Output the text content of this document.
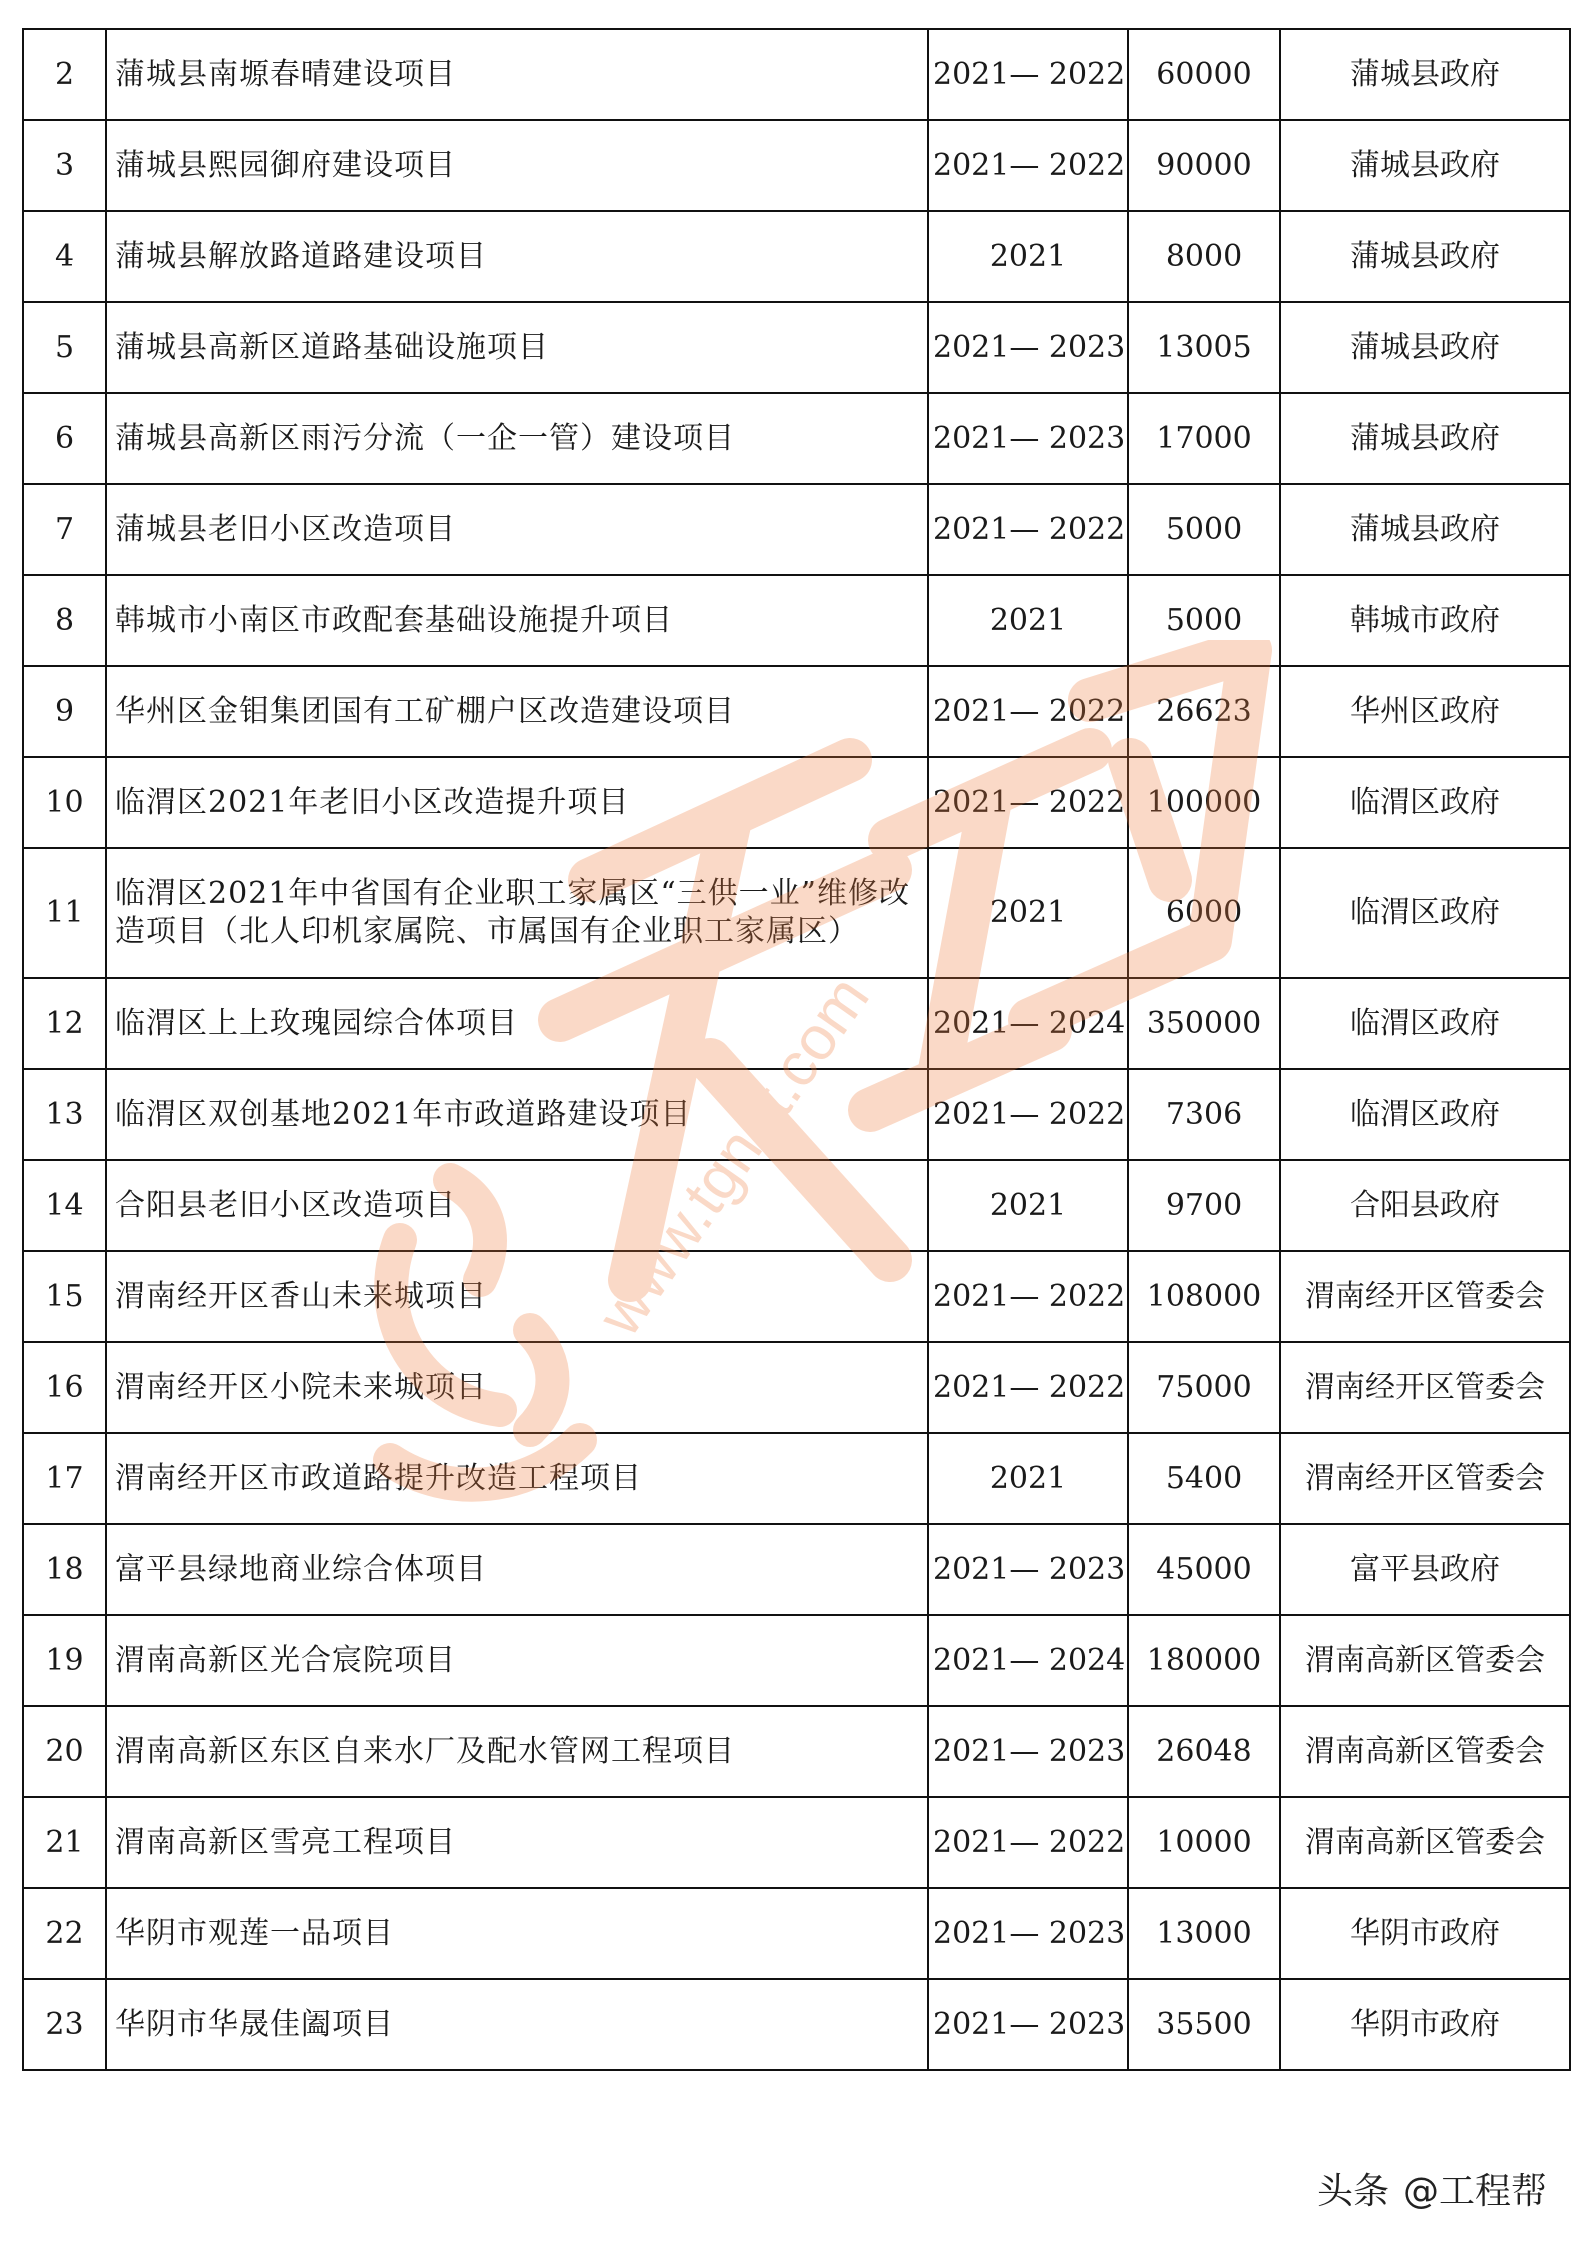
2	蒲城县南塬春晴建设项目	2021— 2022	60000	蒲城县政府
3	蒲城县熙园御府建设项目	2021— 2022	90000	蒲城县政府
4	蒲城县解放路道路建设项目	2021	8000	蒲城县政府
5	蒲城县高新区道路基础设施项目	2021— 2023	13005	蒲城县政府
6	蒲城县高新区雨污分流（一企一管）建设项目	2021— 2023	17000	蒲城县政府
7	蒲城县老旧小区改造项目	2021— 2022	5000	蒲城县政府
8	韩城市小南区市政配套基础设施提升项目	2021	5000	韩城市政府
9	华州区金钼集团国有工矿棚户区改造建设项目	2021— 2022	26623	华州区政府
10	临渭区2021年老旧小区改造提升项目	2021— 2022	100000	临渭区政府
11	临渭区2021年中省国有企业职工家属区“三供一业”维修改造项目（北人印机家属院、市属国有企业职工家属区）	2021	6000	临渭区政府
12	临渭区上上玫瑰园综合体项目	2021— 2024	350000	临渭区政府
13	临渭区双创基地2021年市政道路建设项目	2021— 2022	7306	临渭区政府
14	合阳县老旧小区改造项目	2021	9700	合阳县政府
15	渭南经开区香山未来城项目	2021— 2022	108000	渭南经开区管委会
16	渭南经开区小院未来城项目	2021— 2022	75000	渭南经开区管委会
17	渭南经开区市政道路提升改造工程项目	2021	5400	渭南经开区管委会
18	富平县绿地商业综合体项目	2021— 2023	45000	富平县政府
19	渭南高新区光合宸院项目	2021— 2024	180000	渭南高新区管委会
20	渭南高新区东区自来水厂及配水管网工程项目	2021— 2023	26048	渭南高新区管委会
21	渭南高新区雪亮工程项目	2021— 2022	10000	渭南高新区管委会
22	华阴市观莲一品项目	2021— 2023	13000	华阴市政府
23	华阴市华晟佳阖项目	2021— 2023	35500	华阴市政府
www.tgnet.com
头条 @工程帮
